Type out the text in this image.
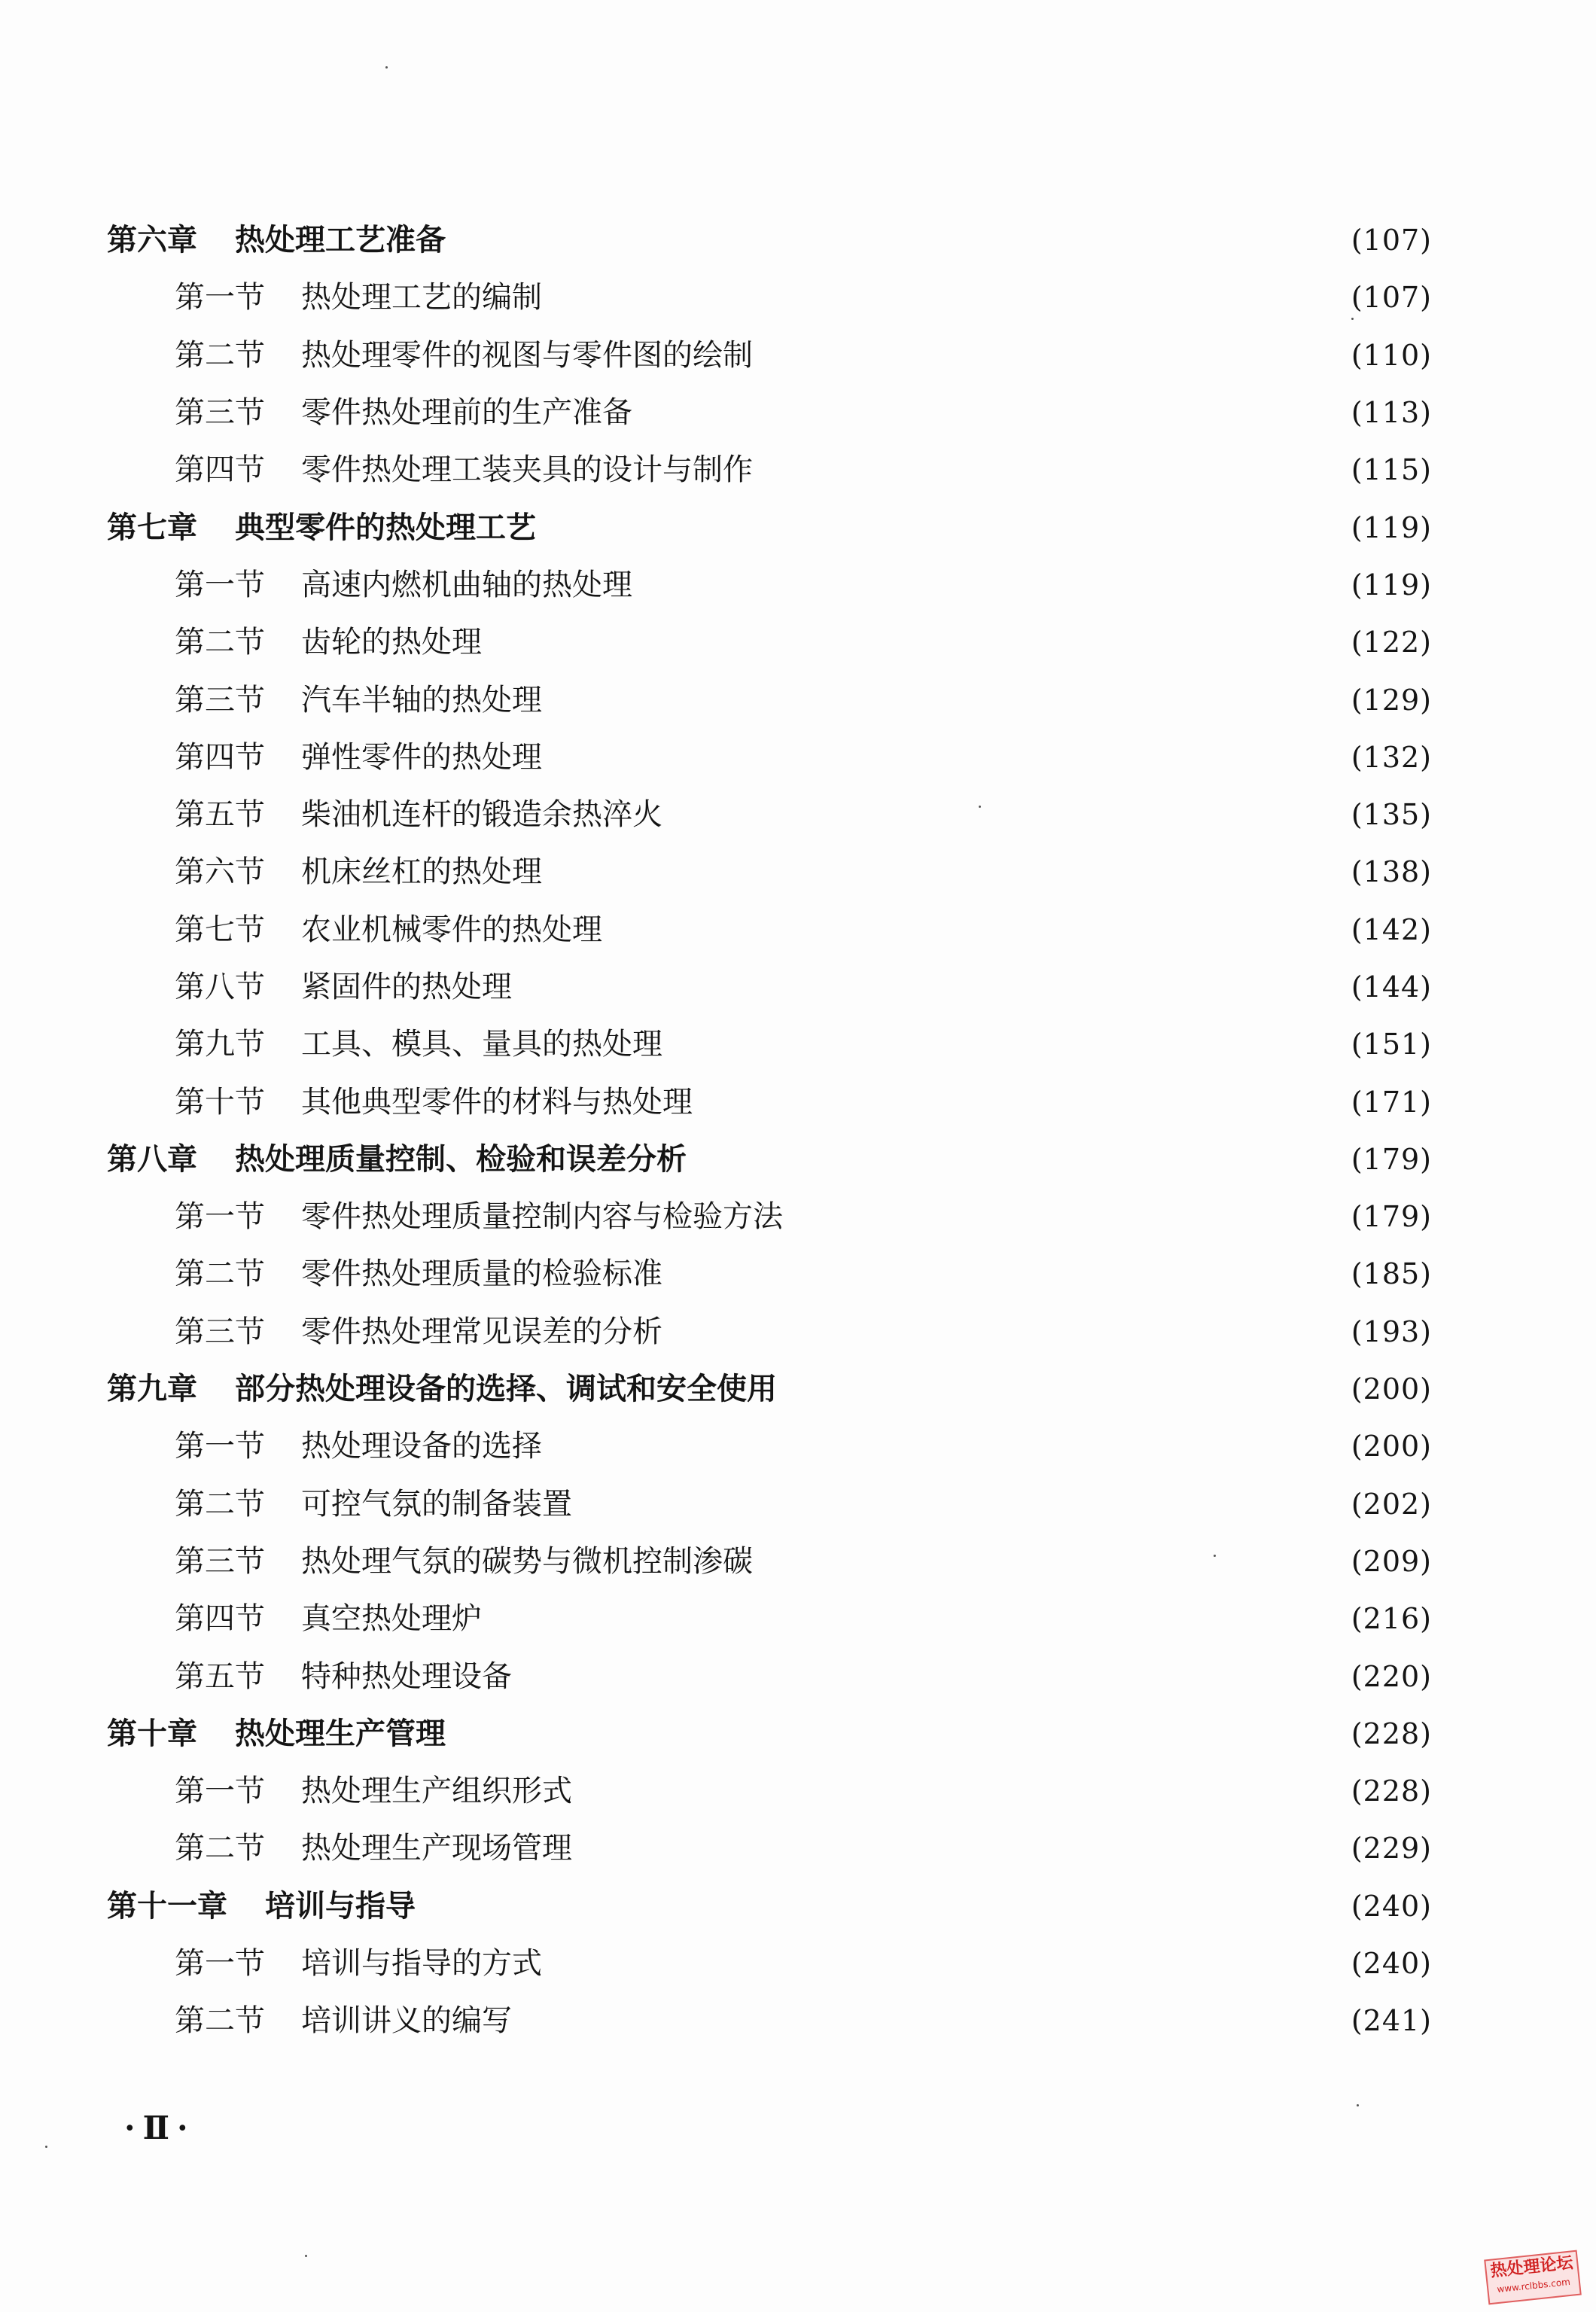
第六章 热处理工艺准备	(107)
第一节 热处理工艺的编制	(107)
第二节 热处理零件的视图与零件图的绘制	(110)
第三节 零件热处理前的生产准备	(113)
第四节 零件热处理工装夹具的设计与制作	(115)
第七章 典型零件的热处理工艺	(119)
第一节 高速内燃机曲轴的热处理	(119)
第二节 齿轮的热处理	(122)
第三节 汽车半轴的热处理	(129)
第四节 弹性零件的热处理	(132)
第五节 柴油机连杆的锻造余热淬火	(135)
第六节 机床丝杠的热处理	(138)
第七节 农业机械零件的热处理	(142)
第八节 紧固件的热处理	(144)
第九节 工具、模具、量具的热处理	(151)
第十节 其他典型零件的材料与热处理	(171)
第八章 热处理质量控制、检验和误差分析	(179)
第一节 零件热处理质量控制内容与检验方法	(179)
第二节 零件热处理质量的检验标准	(185)
第三节 零件热处理常见误差的分析	(193)
第九章 部分热处理设备的选择、调试和安全使用	(200)
第一节 热处理设备的选择	(200)
第二节 可控气氛的制备装置	(202)
第三节 热处理气氛的碳势与微机控制渗碳	(209)
第四节 真空热处理炉	(216)
第五节 特种热处理设备	(220)
第十章 热处理生产管理	(228)
第一节 热处理生产组织形式	(228)
第二节 热处理生产现场管理	(229)
第十一章 培训与指导	(240)
第一节 培训与指导的方式	(240)
第二节 培训讲义的编写	(241)
·Ⅱ·
热处理论坛
www.rclbbs.com
